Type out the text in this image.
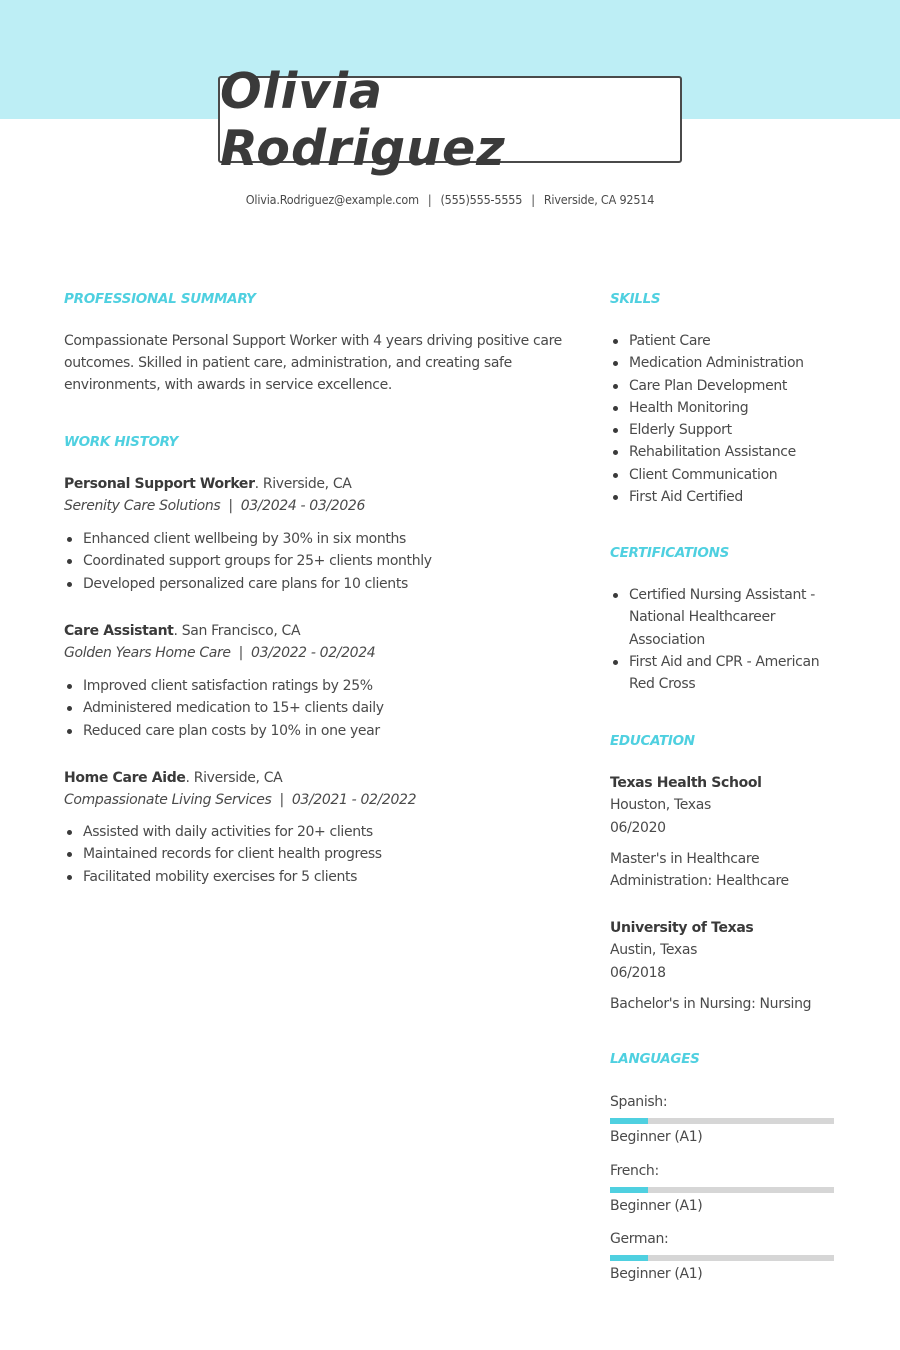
Olivia Rodriguez
Olivia.Rodriguez@example.com | (555)555-5555 | Riverside, CA 92514
PROFESSIONAL SUMMARY
Compassionate Personal Support Worker with 4 years driving positive care outcomes. Skilled in patient care, administration, and creating safe environments, with awards in service excellence.
WORK HISTORY
Personal Support Worker. Riverside, CA
Serenity Care Solutions | 03/2024 - 03/2026
Enhanced client wellbeing by 30% in six months
Coordinated support groups for 25+ clients monthly
Developed personalized care plans for 10 clients
Care Assistant. San Francisco, CA
Golden Years Home Care | 03/2022 - 02/2024
Improved client satisfaction ratings by 25%
Administered medication to 15+ clients daily
Reduced care plan costs by 10% in one year
Home Care Aide. Riverside, CA
Compassionate Living Services | 03/2021 - 02/2022
Assisted with daily activities for 20+ clients
Maintained records for client health progress
Facilitated mobility exercises for 5 clients
SKILLS
Patient Care
Medication Administration
Care Plan Development
Health Monitoring
Elderly Support
Rehabilitation Assistance
Client Communication
First Aid Certified
CERTIFICATIONS
Certified Nursing Assistant - National Healthcareer Association
First Aid and CPR - American Red Cross
EDUCATION
Texas Health School
Houston, Texas
06/2020
Master's in Healthcare Administration: Healthcare
University of Texas
Austin, Texas
06/2018
Bachelor's in Nursing: Nursing
LANGUAGES
Spanish:
Beginner (A1)
French:
Beginner (A1)
German:
Beginner (A1)
